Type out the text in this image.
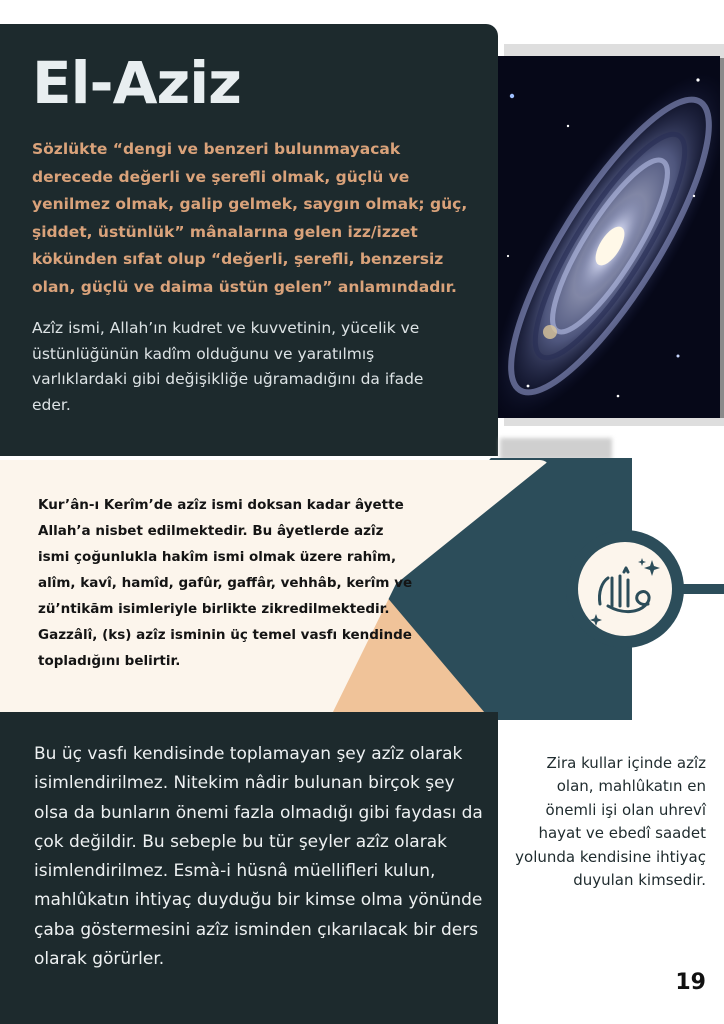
El-Aziz

Sözlükte “dengi ve benzeri bulunmayacak derecede değerli ve şerefli olmak, güçlü ve yenilmez olmak, galip gelmek, saygın olmak; güç, şiddet, üstünlük” mânalarına gelen izz/izzet kökünden sıfat olup “değerli, şerefli, benzersiz olan, güçlü ve daima üstün gelen” anlamındadır.

Azîz ismi, Allah’ın kudret ve kuvvetinin, yücelik ve üstünlüğünün kadîm olduğunu ve yaratılmış varlıklardaki gibi değişikliğe uğramadığını da ifade eder.

Kur’ân-ı Kerîm’de azîz ismi doksan kadar âyette Allah’a nisbet edilmektedir. Bu âyetlerde azîz ismi çoğunlukla hakîm ismi olmak üzere rahîm, alîm, kavî, hamîd, gafûr, gaffâr, vehhâb, kerîm ve zü’ntikām isimleriyle birlikte zikredilmektedir. Gazzâlî, (ks) azîz isminin üç temel vasfı kendinde topladığını belirtir.

Bu üç vasfı kendisinde toplamayan şey azîz olarak isimlendirilmez. Nitekim nâdir bulunan birçok şey olsa da bunların önemi fazla olmadığı gibi faydası da çok değildir. Bu sebeple bu tür şeyler azîz olarak isimlendirilmez. Esmà-i hüsnâ müellifleri kulun, mahlûkatın ihtiyaç duyduğu bir kimse olma yönünde çaba göstermesini azîz isminden çıkarılacak bir ders olarak görürler.

Zira kullar içinde azîz olan, mahlûkatın en önemli işi olan uhrevî hayat ve ebedî saadet yolunda kendisine ihtiyaç duyulan kimsedir.

19
